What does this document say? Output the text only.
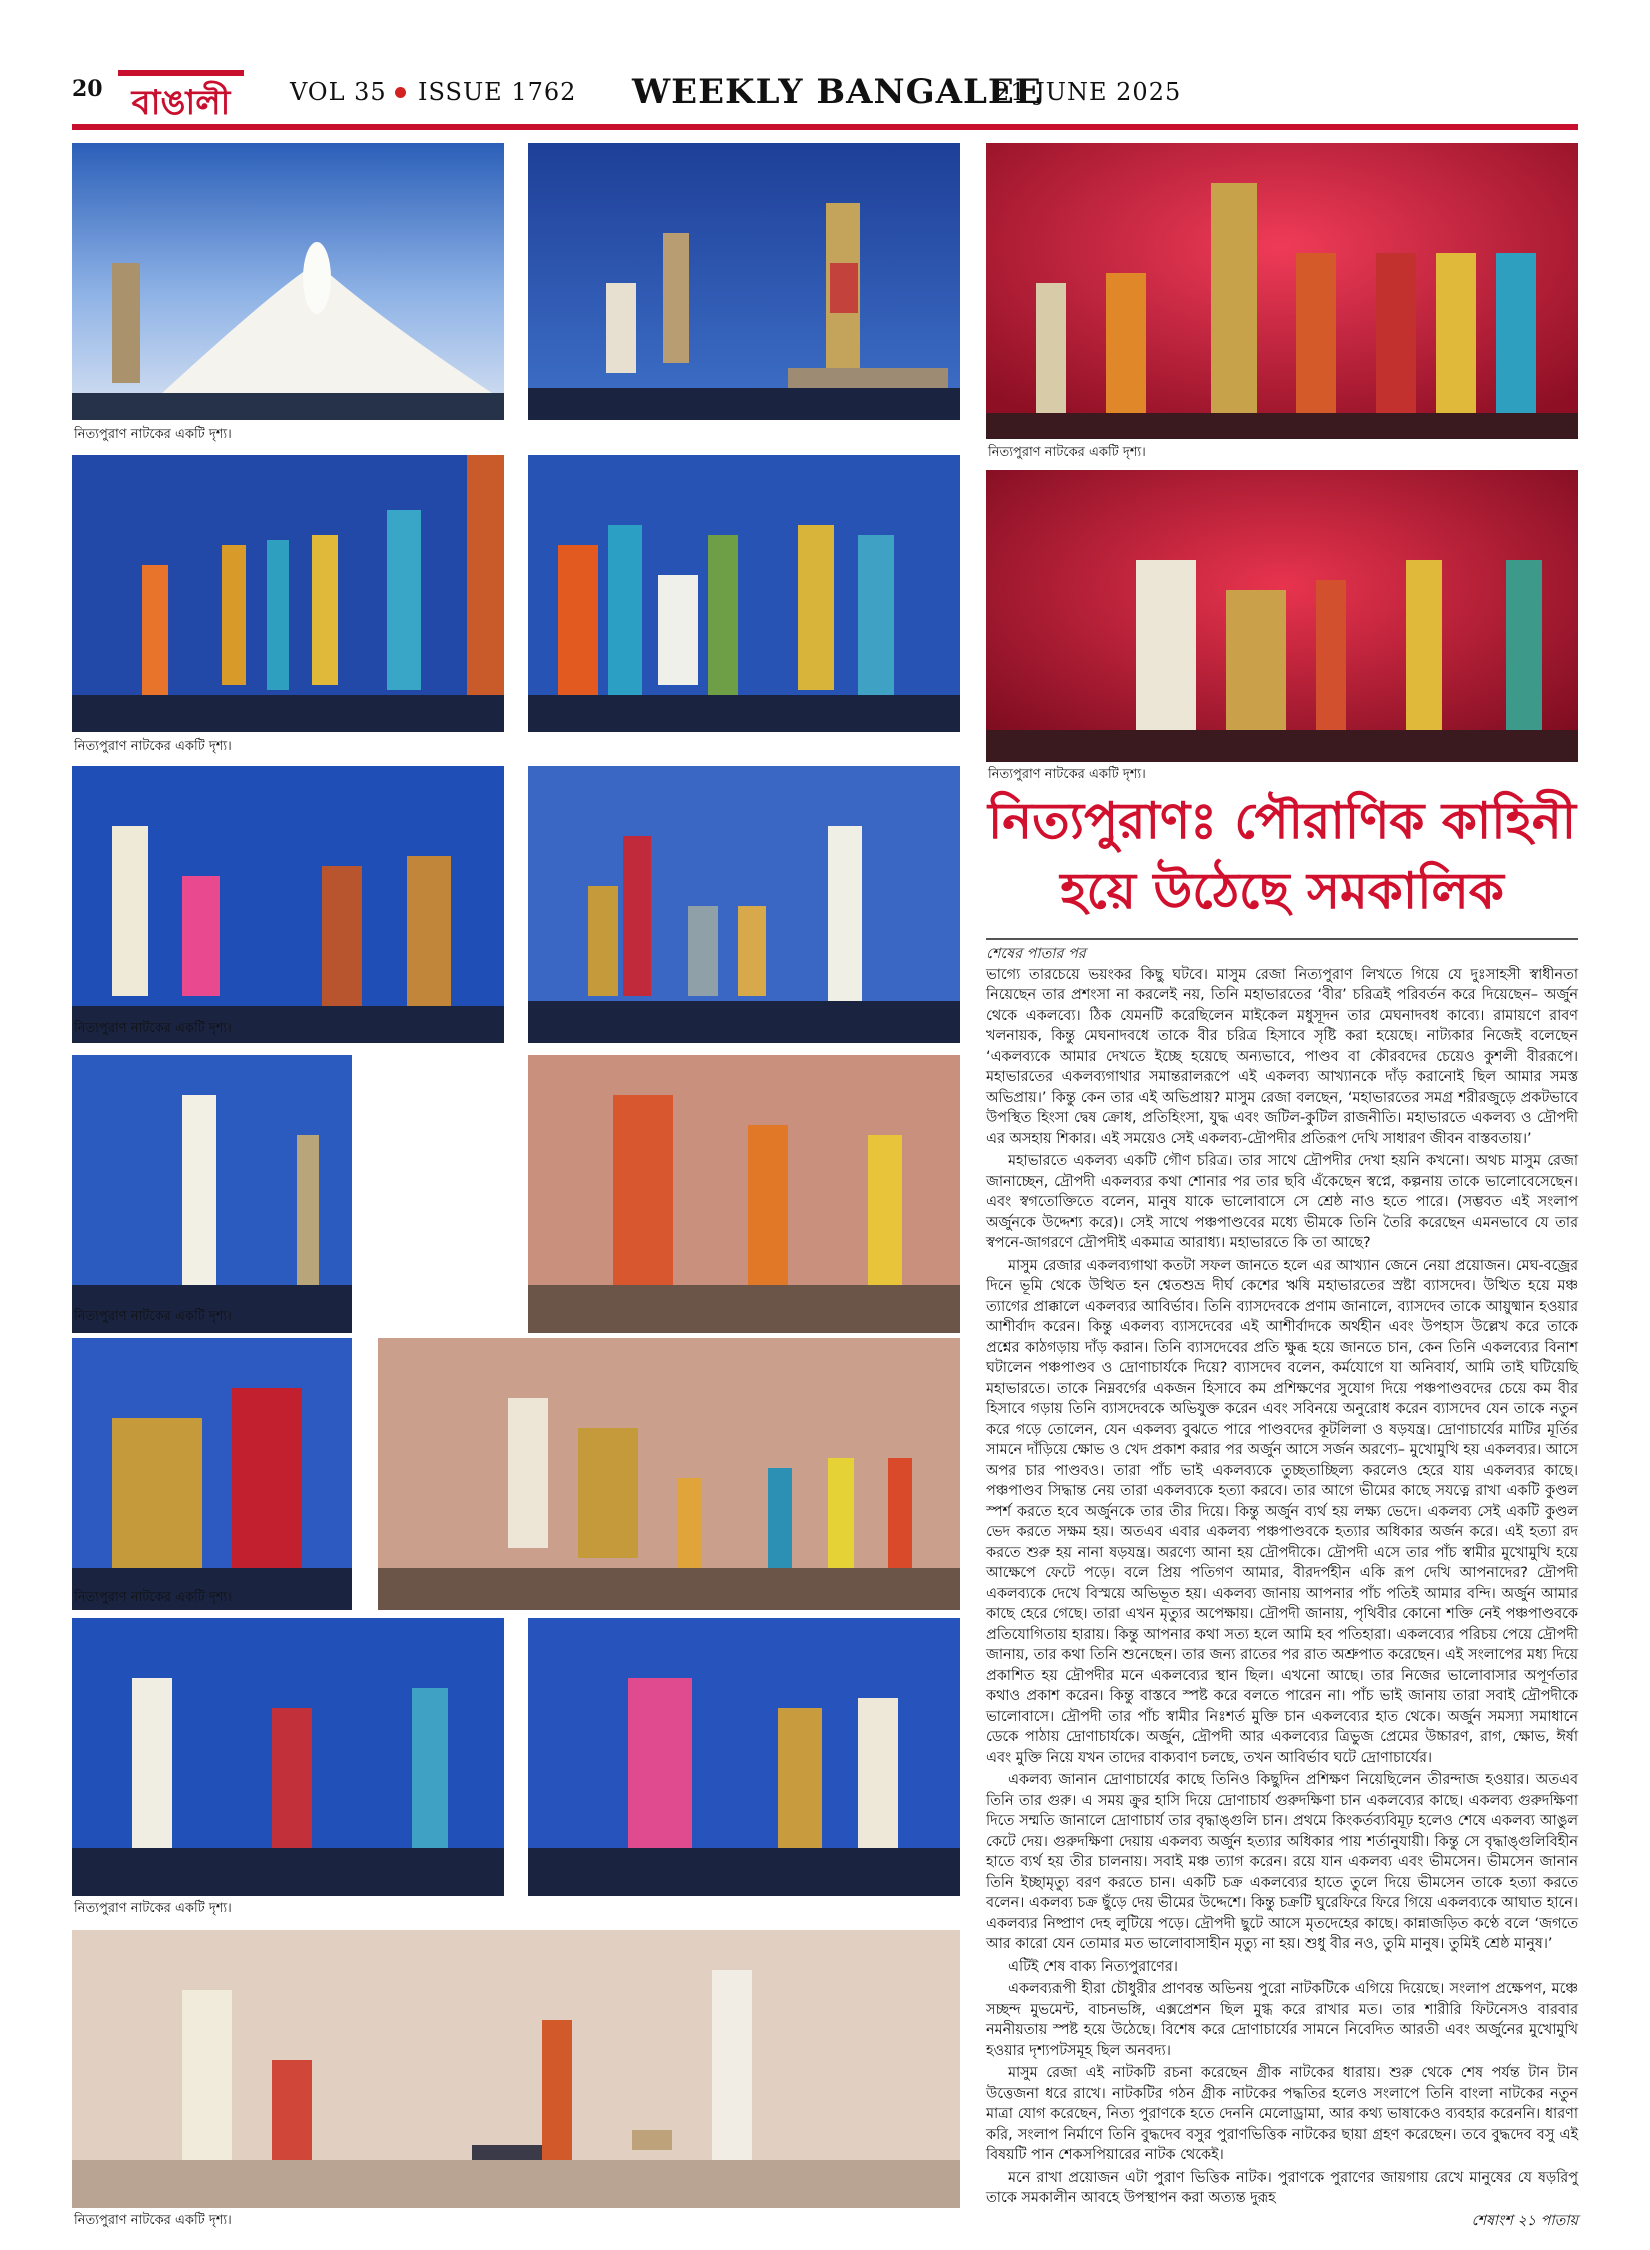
20 বাঙালী VOL 35 ISSUE 1762 WEEKLY BANGALEE
21 JUNE 2025
নিত্যপুরাণ নাটকের একটি দৃশ্য।
নিত্যপুরাণ নাটকের একটি দৃশ্য।
নিত্যপুরাণ নাটকের একটি দৃশ্য।
নিত্যপুরাণ নাটকের একটি দৃশ্য।
নিত্যপুরাণ নাটকের একটি দৃশ্য।
নিত্যপুরাণ নাটকের একটি দৃশ্য।
নিত্যপুরাণ নাটকের একটি দৃশ্য।
নিত্যপুরাণ নাটকের একটি দৃশ্য।
নিত্যপুরাণ নাটকের একটি দৃশ্য।
নিত্যপুরাণঃ পৌরাণিক কাহিনী
হয়ে উঠেছে সমকালিক
শেষের পাতার পর

ভাগ্যে তারচেয়ে ভয়ংকর কিছু ঘটবে। মাসুম রেজা নিত্যপুরাণ লিখতে গিয়ে যে দুঃসাহসী স্বাধীনতা নিয়েছেন তার প্রশংসা না করলেই নয়, তিনি মহাভারতের ‘বীর’ চরিত্রই পরিবর্তন করে দিয়েছেন– অর্জুন থেকে একলব্যে। ঠিক যেমনটি করেছিলেন মাইকেল মধুসূদন তার মেঘনাদবধ কাব্যে। রামায়ণে রাবণ খলনায়ক, কিন্তু মেঘনাদবধে তাকে বীর চরিত্র হিসাবে সৃষ্টি করা হয়েছে। নাট্যকার নিজেই বলেছেন ‘একলব্যকে আমার দেখতে ইচ্ছে হয়েছে অন্যভাবে, পাণ্ডব বা কৌরবদের চেয়েও কুশলী বীররূপে। মহাভারতের একলব্যগাথার সমান্তরালরূপে এই একলব্য আখ্যানকে দাঁড় করানোই ছিল আমার সমস্ত অভিপ্রায়।’ কিন্তু কেন তার এই অভিপ্রায়? মাসুম রেজা বলছেন, ‘মহাভারতের সমগ্র শরীরজুড়ে প্রকটভাবে উপস্থিত হিংসা দ্বেষ ক্রোধ, প্রতিহিংসা, যুদ্ধ এবং জটিল-কুটিল রাজনীতি। মহাভারতে একলব্য ও দ্রৌপদী এর অসহায় শিকার। এই সময়েও সেই একলব্য-দ্রৌপদীর প্রতিরূপ দেখি সাধারণ জীবন বাস্তবতায়।’

মহাভারতে একলব্য একটি গৌণ চরিত্র। তার সাথে দ্রৌপদীর দেখা হয়নি কখনো। অথচ মাসুম রেজা জানাচ্ছেন, দ্রৌপদী একলব্যর কথা শোনার পর তার ছবি এঁকেছেন স্বপ্নে, কল্পনায় তাকে ভালোবেসেছেন। এবং স্বগতোক্তিতে বলেন, মানুষ যাকে ভালোবাসে সে শ্রেষ্ঠ নাও হতে পারে। (সম্ভবত এই সংলাপ অর্জুনকে উদ্দেশ্য করে)। সেই সাথে পঞ্চপাণ্ডবের মধ্যে ভীমকে তিনি তৈরি করেছেন এমনভাবে যে তার স্বপনে-জাগরণে দ্রৌপদীই একমাত্র আরাধ্য। মহাভারতে কি তা আছে?

মাসুম রেজার একলব্যগাথা কতটা সফল জানতে হলে এর আখ্যান জেনে নেয়া প্রয়োজন। মেঘ-বজ্রের দিনে ভূমি থেকে উত্থিত হন শ্বেতশুভ্র দীর্ঘ কেশের ঋষি মহাভারতের স্রষ্টা ব্যাসদেব। উত্থিত হয়ে মঞ্চ ত্যাগের প্রাক্কালে একলব্যর আবির্ভাব। তিনি ব্যাসদেবকে প্রণাম জানালে, ব্যাসদেব তাকে আয়ুষ্মান হওয়ার আশীর্বাদ করেন। কিন্তু একলব্য ব্যাসদেবের এই আশীর্বাদকে অর্থহীন এবং উপহাস উল্লেখ করে তাকে প্রশ্নের কাঠগড়ায় দাঁড় করান। তিনি ব্যাসদেবের প্রতি ক্ষুব্ধ হয়ে জানতে চান, কেন তিনি একলব্যের বিনাশ ঘটালেন পঞ্চপাণ্ডব ও দ্রোণাচার্যকে দিয়ে? ব্যাসদেব বলেন, কর্মযোগে যা অনিবার্য, আমি তাই ঘটিয়েছি মহাভারতে। তাকে নিম্নবর্গের একজন হিসাবে কম প্রশিক্ষণের সুযোগ দিয়ে পঞ্চপাণ্ডবদের চেয়ে কম বীর হিসাবে গড়ায় তিনি ব্যাসদেবকে অভিযুক্ত করেন এবং সবিনয়ে অনুরোধ করেন ব্যাসদেব যেন তাকে নতুন করে গড়ে তোলেন, যেন একলব্য বুঝতে পারে পাণ্ডবদের কূটলিলা ও ষড়যন্ত্র। দ্রোণাচার্যের মাটির মূর্তির সামনে দাঁড়িয়ে ক্ষোভ ও খেদ প্রকাশ করার পর অর্জুন আসে সর্জন অরণ্যে– মুখোমুখি হয় একলব্যর। আসে অপর চার পাণ্ডবও। তারা পাঁচ ভাই একলব্যকে তুচ্ছতাচ্ছিল্য করলেও হেরে যায় একলব্যর কাছে। পঞ্চপাণ্ডব সিদ্ধান্ত নেয় তারা একলব্যকে হত্যা করবে। তার আগে ভীমের কাছে সযত্নে রাখা একটি কুণ্ডল স্পর্শ করতে হবে অর্জুনকে তার তীর দিয়ে। কিন্তু অর্জুন ব্যর্থ হয় লক্ষ্য ভেদে। একলব্য সেই একটি কুণ্ডল ভেদ করতে সক্ষম হয়। অতএব এবার একলব্য পঞ্চপাণ্ডবকে হত্যার অধিকার অর্জন করে। এই হত্যা রদ করতে শুরু হয় নানা ষড়যন্ত্র। অরণ্যে আনা হয় দ্রৌপদীকে। দ্রৌপদী এসে তার পাঁচ স্বামীর মুখোমুখি হয়ে আক্ষেপে ফেটে পড়ে। বলে প্রিয় পতিগণ আমার, বীরদর্পহীন একি রূপ দেখি আপনাদের? দ্রৌপদী একলব্যকে দেখে বিস্ময়ে অভিভূত হয়। একলব্য জানায় আপনার পাঁচ পতিই আমার বন্দি। অর্জুন আমার কাছে হেরে গেছে। তারা এখন মৃত্যুর অপেক্ষায়। দ্রৌপদী জানায়, পৃথিবীর কোনো শক্তি নেই পঞ্চপাণ্ডবকে প্রতিযোগিতায় হারায়। কিন্তু আপনার কথা সত্য হলে আমি হব পতিহারা। একলব্যের পরিচয় পেয়ে দ্রৌপদী জানায়, তার কথা তিনি শুনেছেন। তার জন্য রাতের পর রাত অশ্রুপাত করেছেন। এই সংলাপের মধ্য দিয়ে প্রকাশিত হয় দ্রৌপদীর মনে একলব্যের স্থান ছিল। এখনো আছে। তার নিজের ভালোবাসার অপূর্ণতার কথাও প্রকাশ করেন। কিন্তু বাস্তবে স্পষ্ট করে বলতে পারেন না। পাঁচ ভাই জানায় তারা সবাই দ্রৌপদীকে ভালোবাসে। দ্রৌপদী তার পাঁচ স্বামীর নিঃশর্ত মুক্তি চান একলব্যের হাত থেকে। অর্জুন সমস্যা সমাধানে ডেকে পাঠায় দ্রোণাচার্যকে। অর্জুন, দ্রৌপদী আর একলব্যের ত্রিভুজ প্রেমের উচ্চারণ, রাগ, ক্ষোভ, ঈর্ষা এবং মুক্তি নিয়ে যখন তাদের বাক্যবাণ চলছে, তখন আবির্ভাব ঘটে দ্রোণাচার্যের।

একলব্য জানান দ্রোণাচার্যের কাছে তিনিও কিছুদিন প্রশিক্ষণ নিয়েছিলেন তীরন্দাজ হওয়ার। অতএব তিনি তার গুরু। এ সময় ক্রুর হাসি দিয়ে দ্রোণাচার্য গুরুদক্ষিণা চান একলব্যের কাছে। একলব্য গুরুদক্ষিণা দিতে সম্মতি জানালে দ্রোণাচার্য তার বৃদ্ধাঙ্গুলি চান। প্রথমে কিংকর্তব্যবিমূঢ় হলেও শেষে একলব্য আঙুল কেটে দেয়। গুরুদক্ষিণা দেয়ায় একলব্য অর্জুন হত্যার অধিকার পায় শর্তানুযায়ী। কিন্তু সে বৃদ্ধাঙ্গুলিবিহীন হাতে ব্যর্থ হয় তীর চালনায়। সবাই মঞ্চ ত্যাগ করেন। রয়ে যান একলব্য এবং ভীমসেন। ভীমসেন জানান তিনি ইচ্ছামৃত্যু বরণ করতে চান। একটি চক্র একলব্যের হাতে তুলে দিয়ে ভীমসেন তাকে হত্যা করতে বলেন। একলব্য চক্র ছুঁড়ে দেয় ভীমের উদ্দেশে। কিন্তু চক্রটি ঘুরেফিরে ফিরে গিয়ে একলব্যকে আঘাত হানে। একলব্যর নিষ্প্রাণ দেহ লুটিয়ে পড়ে। দ্রৌপদী ছুটে আসে মৃতদেহের কাছে। কান্নাজড়িত কণ্ঠে বলে ‘জগতে আর কারো যেন তোমার মত ভালোবাসাহীন মৃত্যু না হয়। শুধু বীর নও, তুমি মানুষ। তুমিই শ্রেষ্ঠ মানুষ।’

এটিই শেষ বাক্য নিত্যপুরাণের।

একলব্যরূপী হীরা চৌধুরীর প্রাণবন্ত অভিনয় পুরো নাটকটিকে এগিয়ে দিয়েছে। সংলাপ প্রক্ষেপণ, মঞ্চে সচ্ছন্দ মুভমেন্ট, বাচনভঙ্গি, এক্সপ্রেশন ছিল মুগ্ধ করে রাখার মত। তার শারীরি ফিটনেসও বারবার নমনীয়তায় স্পষ্ট হয়ে উঠেছে। বিশেষ করে দ্রোণাচার্যের সামনে নিবেদিত আরতী এবং অর্জুনের মুখোমুখি হওয়ার দৃশ্যপটসমূহ ছিল অনবদ্য।

মাসুম রেজা এই নাটকটি রচনা করেছেন গ্রীক নাটকের ধারায়। শুরু থেকে শেষ পর্যন্ত টান টান উত্তেজনা ধরে রাখে। নাটকটির গঠন গ্রীক নাটকের পদ্ধতির হলেও সংলাপে তিনি বাংলা নাটকের নতুন মাত্রা যোগ করেছেন, নিত্য পুরাণকে হতে দেননি মেলোড্রামা, আর কথ্য ভাষাকেও ব্যবহার করেননি। ধারণা করি, সংলাপ নির্মাণে তিনি বুদ্ধদেব বসুর পুরাণভিত্তিক নাটকের ছায়া গ্রহণ করেছেন। তবে বুদ্ধদেব বসু এই বিষয়টি পান শেকসপিয়ারের নাটক থেকেই।

মনে রাখা প্রয়োজন এটা পুরাণ ভিত্তিক নাটক। পুরাণকে পুরাণের জায়গায় রেখে মানুষের যে ষড়রিপু তাকে সমকালীন আবহে উপস্থাপন করা অত্যন্ত দুরূহ

শেষাংশ ২১ পাতায়
